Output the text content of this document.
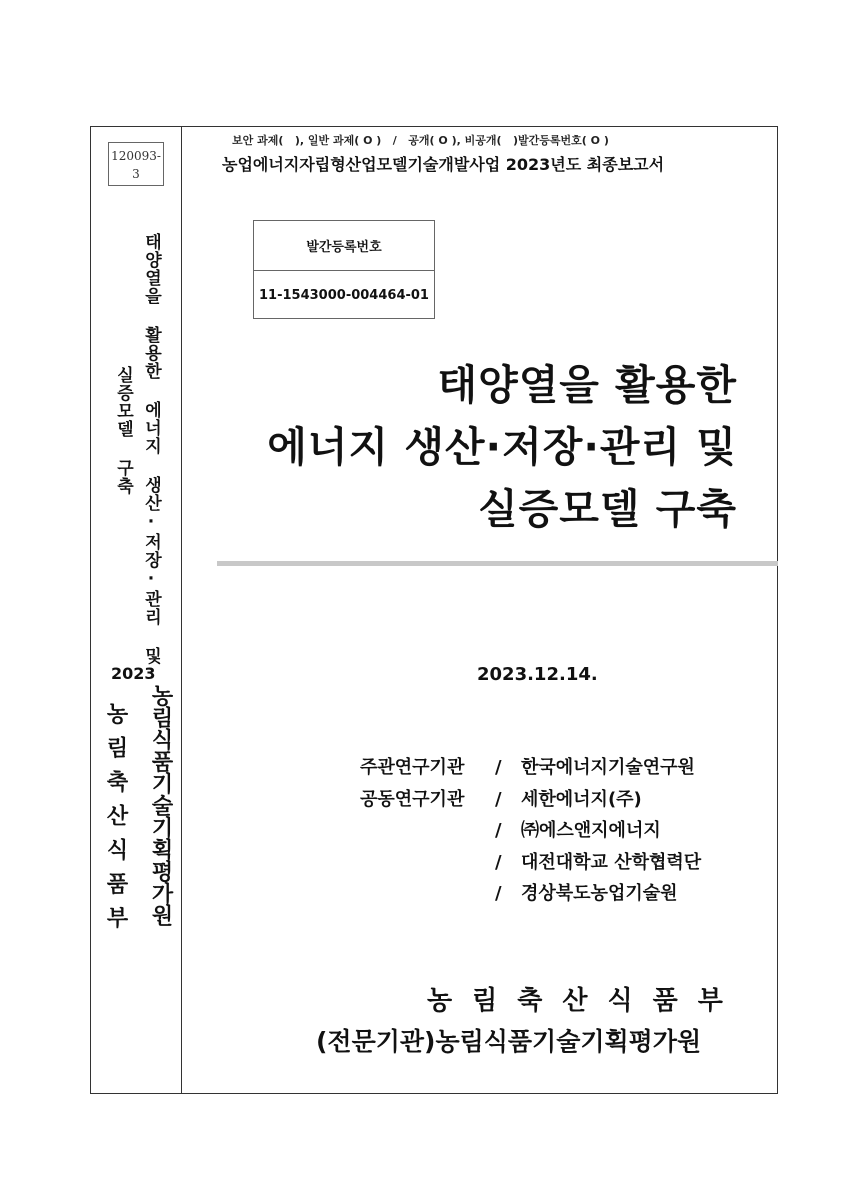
120093-3
태양열을 활용한 에너지 생산·저장·관리 및
실증모델 구축
2023
농림식품기술기획평가원
농림축산식품부
보안 과제(   ), 일반 과제( O )   /   공개( O ), 비공개(   )발간등록번호( O )
농업에너지자립형산업모델기술개발사업 2023년도 최종보고서
발간등록번호
11-1543000-004464-01
태양열을 활용한
에너지 생산·저장·관리 및
실증모델 구축
2023.12.14.
주관연구기관	/	한국에너지기술연구원
공동연구기관	/	세한에너지(주)
/	㈜에스앤지에너지
/	대전대학교 산학협력단
/	경상북도농업기술원
농림축산식품부
(전문기관)농림식품기술기획평가원
